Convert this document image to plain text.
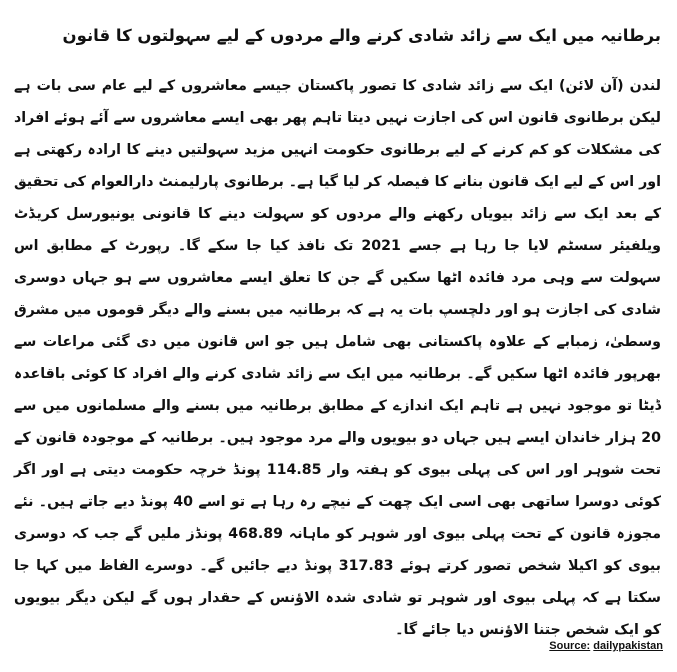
برطانیہ میں ایک سے زائد شادی کرنے والے مردوں کے لیے سہولتوں کا قانون

لندن (آن لائن) ایک سے زائد شادی کا تصور پاکستان جیسے معاشروں کے لیے عام سی بات ہے لیکن برطانوی قانون اس کی اجازت نہیں دیتا تاہم پھر بھی ایسے معاشروں سے آئے ہوئے افراد کی مشکلات کو کم کرنے کے لیے برطانوی حکومت انہیں مزید سہولتیں دینے کا ارادہ رکھتی ہے اور اس کے لیے ایک قانون بنانے کا فیصلہ کر لیا گیا ہے۔ برطانوی پارلیمنٹ دارالعوام کی تحقیق کے بعد ایک سے زائد بیویاں رکھنے والے مردوں کو سہولت دینے کا قانونی یونیورسل کریڈٹ ویلفیئر سسٹم لایا جا رہا ہے جسے 2021 تک نافذ کیا جا سکے گا۔ رپورٹ کے مطابق اس سہولت سے وہی مرد فائدہ اٹھا سکیں گے جن کا تعلق ایسے معاشروں سے ہو جہاں دوسری شادی کی اجازت ہو اور دلچسپ بات یہ ہے کہ برطانیہ میں بسنے والے دیگر قوموں میں مشرق وسطیٰ، زمبابے کے علاوہ پاکستانی بھی شامل ہیں جو اس قانون میں دی گئی مراعات سے بھرپور فائدہ اٹھا سکیں گے۔ برطانیہ میں ایک سے زائد شادی کرنے والے افراد کا کوئی باقاعدہ ڈیٹا تو موجود نہیں ہے تاہم ایک اندازے کے مطابق برطانیہ میں بسنے والے مسلمانوں میں سے 20 ہزار خاندان ایسے ہیں جہاں دو بیویوں والے مرد موجود ہیں۔ برطانیہ کے موجودہ قانون کے تحت شوہر اور اس کی پہلی بیوی کو ہفتہ وار 114.85 پونڈ خرچہ حکومت دیتی ہے اور اگر کوئی دوسرا ساتھی بھی اسی ایک چھت کے نیچے رہ رہا ہے تو اسے 40 پونڈ دیے جاتے ہیں۔ نئے مجوزہ قانون کے تحت پہلی بیوی اور شوہر کو ماہانہ 468.89 پونڈز ملیں گے جب کہ دوسری بیوی کو اکیلا شخص تصور کرتے ہوئے 317.83 پونڈ دیے جائیں گے۔ دوسرے الفاظ میں کہا جا سکتا ہے کہ پہلی بیوی اور شوہر تو شادی شدہ الاؤنس کے حقدار ہوں گے لیکن دیگر بیویوں کو ایک شخص جتنا الاؤنس دیا جائے گا۔

Source: dailypakistan
